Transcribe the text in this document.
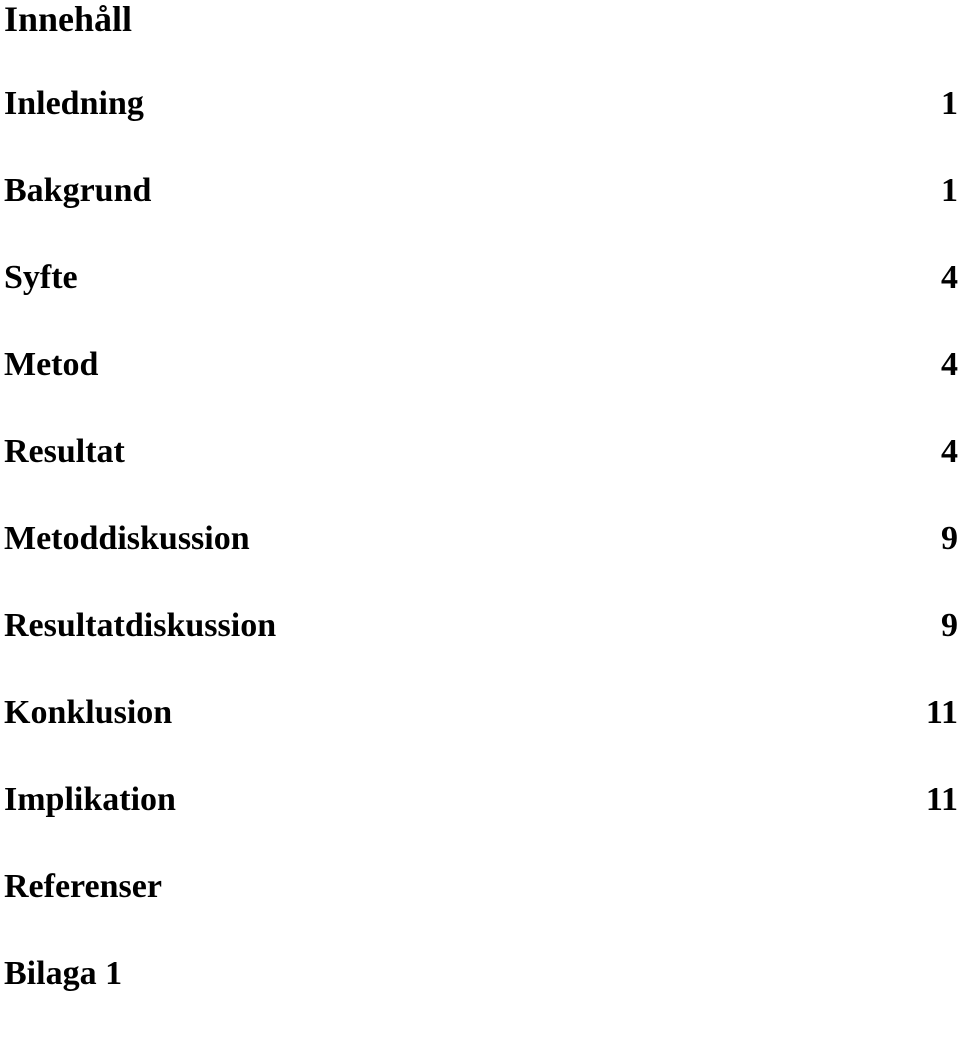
Innehåll
Inledning	1
Bakgrund	1
Syfte	4
Metod	4
Resultat	4
Metoddiskussion	9
Resultatdiskussion	9
Konklusion	11
Implikation	11
Referenser
Bilaga 1
